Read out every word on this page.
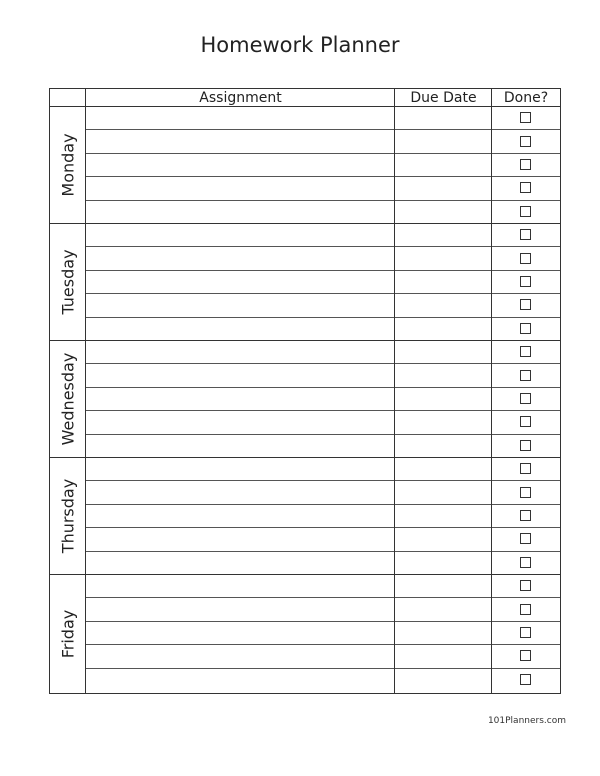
Homework Planner
Assignment	Due Date	Done?
Monday
Tuesday
Wednesday
Thursday
Friday
101Planners.com
